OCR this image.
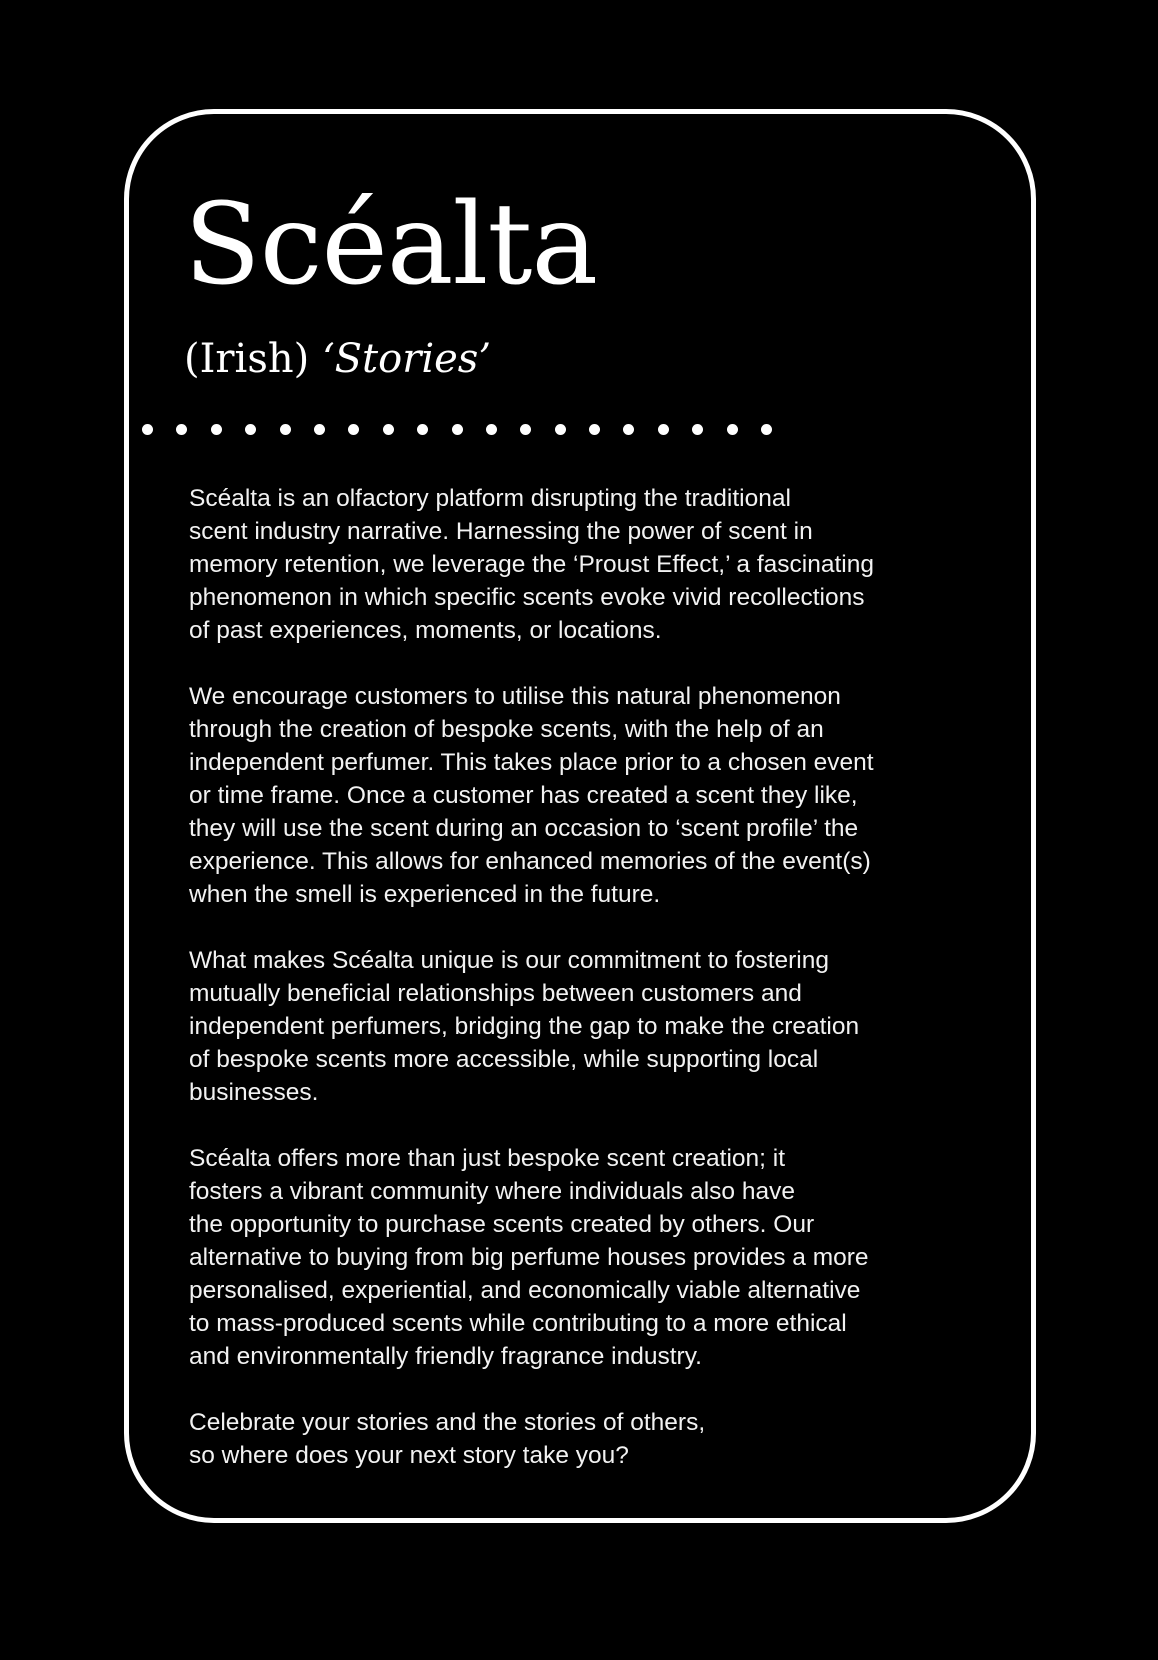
Scéalta
(Irish) ‘Stories’

Scéalta is an olfactory platform disrupting the traditional
scent industry narrative. Harnessing the power of scent in
memory retention, we leverage the ‘Proust Effect,’ a fascinating
phenomenon in which specific scents evoke vivid recollections
of past experiences, moments, or locations.

We encourage customers to utilise this natural phenomenon
through the creation of bespoke scents, with the help of an
independent perfumer. This takes place prior to a chosen event
or time frame. Once a customer has created a scent they like,
they will use the scent during an occasion to ‘scent profile’ the
experience. This allows for enhanced memories of the event(s)
when the smell is experienced in the future.

What makes Scéalta unique is our commitment to fostering
mutually beneficial relationships between customers and
independent perfumers, bridging the gap to make the creation
of bespoke scents more accessible, while supporting local
businesses.

Scéalta offers more than just bespoke scent creation; it
fosters a vibrant community where individuals also have
the opportunity to purchase scents created by others. Our
alternative to buying from big perfume houses provides a more
personalised, experiential, and economically viable alternative
to mass-produced scents while contributing to a more ethical
and environmentally friendly fragrance industry.

Celebrate your stories and the stories of others,
so where does your next story take you?
